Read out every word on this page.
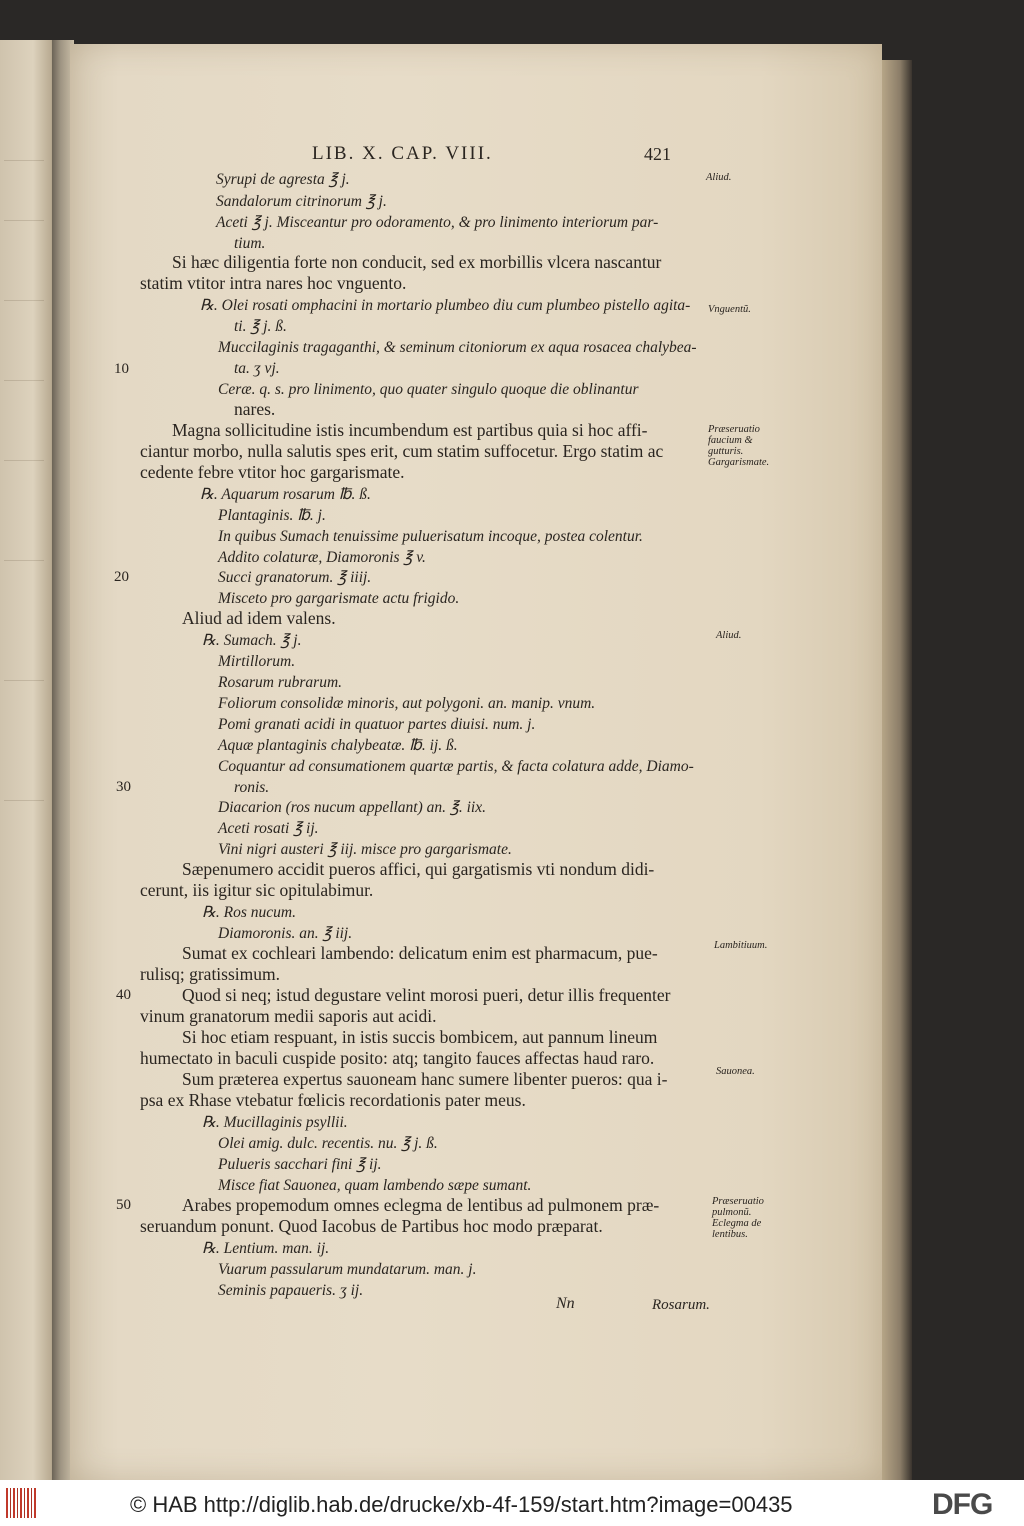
LIB. X. CAP. VIII.	421
Syrupi de agresta ℥ j.
Sandalorum citrinorum ℥ j.
Aceti ℥ j. Misceantur pro odoramento, & pro linimento interiorum par-
tium.
Si hæc diligentia forte non conducit, sed ex morbillis vlcera nascantur
statim vtitor intra nares hoc vnguento.
℞. Olei rosati omphacini in mortario plumbeo diu cum plumbeo pistello agita-
ti. ℥ j. ß.
Muccilaginis tragaganthi, & seminum citoniorum ex aqua rosacea chalybea-
ta. ʒ vj.
Ceræ. q. s. pro linimento, quo quater singulo quoque die oblinantur
nares.
Magna sollicitudine istis incumbendum est partibus quia si hoc affi-
ciantur morbo, nulla salutis spes erit, cum statim suffocetur. Ergo statim ac
cedente febre vtitor hoc gargarismate.
℞. Aquarum rosarum ℔. ß.
Plantaginis. ℔. j.
In quibus Sumach tenuissime puluerisatum incoque, postea colentur.
Addito colaturæ, Diamoronis ℥ v.
Succi granatorum. ℥ iiij.
Misceto pro gargarismate actu frigido.
Aliud ad idem valens.
℞. Sumach. ℥ j.
Mirtillorum.
Rosarum rubrarum.
Foliorum consolidæ minoris, aut polygoni. an. manip. vnum.
Pomi granati acidi in quatuor partes diuisi. num. j.
Aquæ plantaginis chalybeatæ. ℔. ij. ß.
Coquantur ad consumationem quartæ partis, & facta colatura adde, Diamo-
ronis.
Diacarion (ros nucum appellant) an. ℥. iix.
Aceti rosati ℥ ij.
Vini nigri austeri ℥ iij. misce pro gargarismate.
Sæpenumero accidit pueros affici, qui gargatismis vti nondum didi-
cerunt, iis igitur sic opitulabimur.
℞. Ros nucum.
Diamoronis. an. ℥ iij.
Sumat ex cochleari lambendo: delicatum enim est pharmacum, pue-
rulisq; gratissimum.
Quod si neq; istud degustare velint morosi pueri, detur illis frequenter
vinum granatorum medii saporis aut acidi.
Si hoc etiam respuant, in istis succis bombicem, aut pannum lineum
humectato in baculi cuspide posito: atq; tangito fauces affectas haud raro.
Sum præterea expertus sauoneam hanc sumere libenter pueros: qua i-
psa ex Rhase vtebatur fœlicis recordationis pater meus.
℞. Mucillaginis psyllii.
Olei amig. dulc. recentis. nu. ℥ j. ß.
Pulueris sacchari fini ℥ ij.
Misce fiat Sauonea, quam lambendo sæpe sumant.
Arabes propemodum omnes eclegma de lentibus ad pulmonem præ-
seruandum ponunt. Quod Iacobus de Partibus hoc modo præparat.
℞. Lentium. man. ij.
Vuarum passularum mundatarum. man. j.
Seminis papaueris. ʒ ij.
Aliud.
Vnguentũ.
Præseruatio faucium & gutturis. Gargarismate.
Aliud.
Lambitiuum.
Sauonea.
Præseruatio pulmonũ. Eclegma de lentibus.
10
20
30
40
50
Nn	Rosarum.
© HAB http://diglib.hab.de/drucke/xb-4f-159/start.htm?image=00435	DFG
